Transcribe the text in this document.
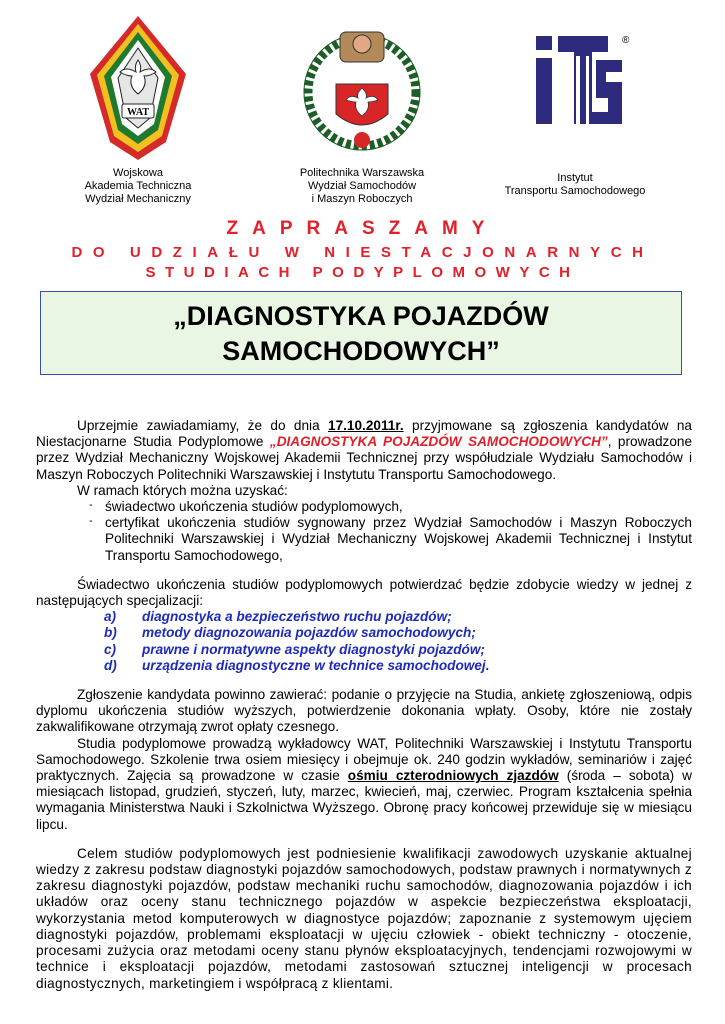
WAT
®
Wojskowa
Akademia Techniczna
Wydział Mechaniczny
Politechnika Warszawska
Wydział Samochodów
i Maszyn Roboczych
Instytut
Transportu Samochodowego
ZAPRASZAMY
DO UDZIAŁU W NIESTACJONARNYCH
STUDIACH PODYPLOMOWYCH
„DIAGNOSTYKA POJAZDÓW
SAMOCHODOWYCH”

Uprzejmie zawiadamiamy, że do dnia 17.10.2011r. przyjmowane są zgłoszenia kandydatów na Niestacjonarne Studia Podyplomowe „DIAGNOSTYKA POJAZDÓW SAMOCHODOWYCH”, prowadzone przez Wydział Mechaniczny Wojskowej Akademii Technicznej przy współudziale Wydziału Samochodów i Maszyn Roboczych Politechniki Warszawskiej i Instytutu Transportu Samochodowego.

W ramach których można uzyskać:

- świadectwo ukończenia studiów podyplomowych,
- certyfikat ukończenia studiów sygnowany przez Wydział Samochodów i Maszyn Roboczych Politechniki Warszawskiej i Wydział Mechaniczny Wojskowej Akademii Technicznej i Instytut Transportu Samochodowego,

Świadectwo ukończenia studiów podyplomowych potwierdzać będzie zdobycie wiedzy w jednej z następujących specjalizacji:

a) diagnostyka a bezpieczeństwo ruchu pojazdów;
b) metody diagnozowania pojazdów samochodowych;
c) prawne i normatywne aspekty diagnostyki pojazdów;
d) urządzenia diagnostyczne w technice samochodowej.

Zgłoszenie kandydata powinno zawierać: podanie o przyjęcie na Studia, ankietę zgłoszeniową, odpis dyplomu ukończenia studiów wyższych, potwierdzenie dokonania wpłaty. Osoby, które nie zostały zakwalifikowane otrzymają zwrot opłaty czesnego.

Studia podyplomowe prowadzą wykładowcy WAT, Politechniki Warszawskiej i Instytutu Transportu Samochodowego. Szkolenie trwa osiem miesięcy i obejmuje ok. 240 godzin wykładów, seminariów i zajęć praktycznych. Zajęcia są prowadzone w czasie ośmiu czterodniowych zjazdów (środa – sobota) w miesiącach listopad, grudzień, styczeń, luty, marzec, kwiecień, maj, czerwiec. Program kształcenia spełnia wymagania Ministerstwa Nauki i Szkolnictwa Wyższego. Obronę pracy końcowej przewiduje się w miesiącu lipcu.

Celem studiów podyplomowych jest podniesienie kwalifikacji zawodowych uzyskanie aktualnej wiedzy z zakresu podstaw diagnostyki pojazdów samochodowych, podstaw prawnych i normatywnych z zakresu diagnostyki pojazdów, podstaw mechaniki ruchu samochodów, diagnozowania pojazdów i ich układów oraz oceny stanu technicznego pojazdów w aspekcie bezpieczeństwa eksploatacji, wykorzystania metod komputerowych w diagnostyce pojazdów; zapoznanie z systemowym ujęciem diagnostyki pojazdów, problemami eksploatacji w ujęciu człowiek - obiekt techniczny - otoczenie, procesami zużycia oraz metodami oceny stanu płynów eksploatacyjnych, tendencjami rozwojowymi w technice i eksploatacji pojazdów, metodami zastosowań sztucznej inteligencji w procesach diagnostycznych, marketingiem i współpracą z klientami.
